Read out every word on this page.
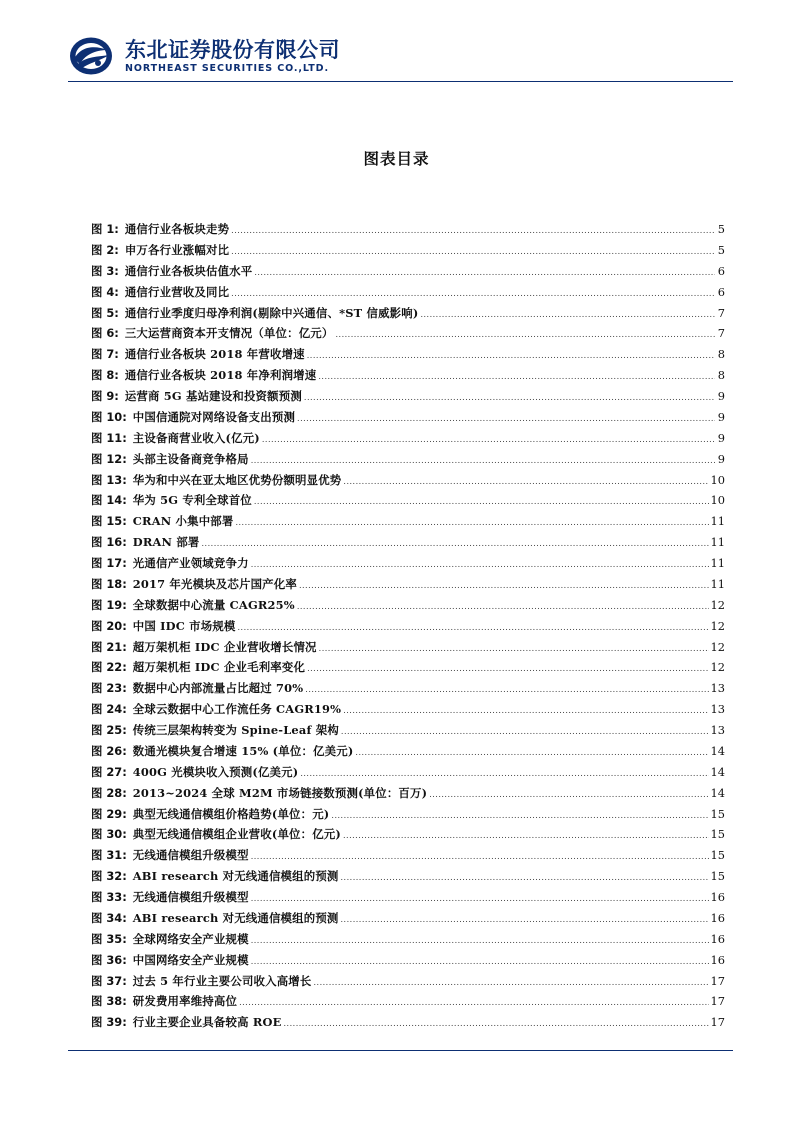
东北证券股份有限公司
NORTHEAST SECURITIES CO.,LTD.
图表目录
图 1: 通信行业各板块走势 .....	5
图 2: 申万各行业涨幅对比 .....	5
图 3: 通信行业各板块估值水平 .....	6
图 4: 通信行业营收及同比 .....	6
图 5: 通信行业季度归母净利润(剔除中兴通信、*ST 信威影响) .....	7
图 6: 三大运营商资本开支情况（单位：亿元） .....	7
图 7: 通信行业各板块 2018 年营收增速 .....	8
图 8: 通信行业各板块 2018 年净利润增速 .....	8
图 9: 运营商 5G 基站建设和投资额预测 .....	9
图 10: 中国信通院对网络设备支出预测 .....	9
图 11: 主设备商营业收入(亿元) .....	9
图 12: 头部主设备商竞争格局 .....	9
图 13: 华为和中兴在亚太地区优势份额明显优势 .....	10
图 14: 华为 5G 专利全球首位 .....	10
图 15: CRAN 小集中部署 .....	11
图 16: DRAN 部署 .....	11
图 17: 光通信产业领域竞争力 .....	11
图 18: 2017 年光模块及芯片国产化率 .....	11
图 19: 全球数据中心流量 CAGR25% .....	12
图 20: 中国 IDC 市场规模 .....	12
图 21: 超万架机柜 IDC 企业营收增长情况 .....	12
图 22: 超万架机柜 IDC 企业毛利率变化 .....	12
图 23: 数据中心内部流量占比超过 70% .....	13
图 24: 全球云数据中心工作流任务 CAGR19% .....	13
图 25: 传统三层架构转变为 Spine-Leaf 架构 .....	13
图 26: 数通光模块复合增速 15% (单位：亿美元) .....	14
图 27: 400G 光模块收入预测(亿美元) .....	14
图 28: 2013~2024 全球 M2M 市场链接数预测(单位：百万) .....	14
图 29: 典型无线通信模组价格趋势(单位：元) .....	15
图 30: 典型无线通信模组企业营收(单位：亿元) .....	15
图 31: 无线通信模组升级模型 .....	15
图 32: ABI research 对无线通信模组的预测 .....	15
图 33: 无线通信模组升级模型 .....	16
图 34: ABI research 对无线通信模组的预测 .....	16
图 35: 全球网络安全产业规模 .....	16
图 36: 中国网络安全产业规模 .....	16
图 37: 过去 5 年行业主要公司收入高增长 .....	17
图 38: 研发费用率维持高位 .....	17
图 39: 行业主要企业具备较高 ROE .....	17
